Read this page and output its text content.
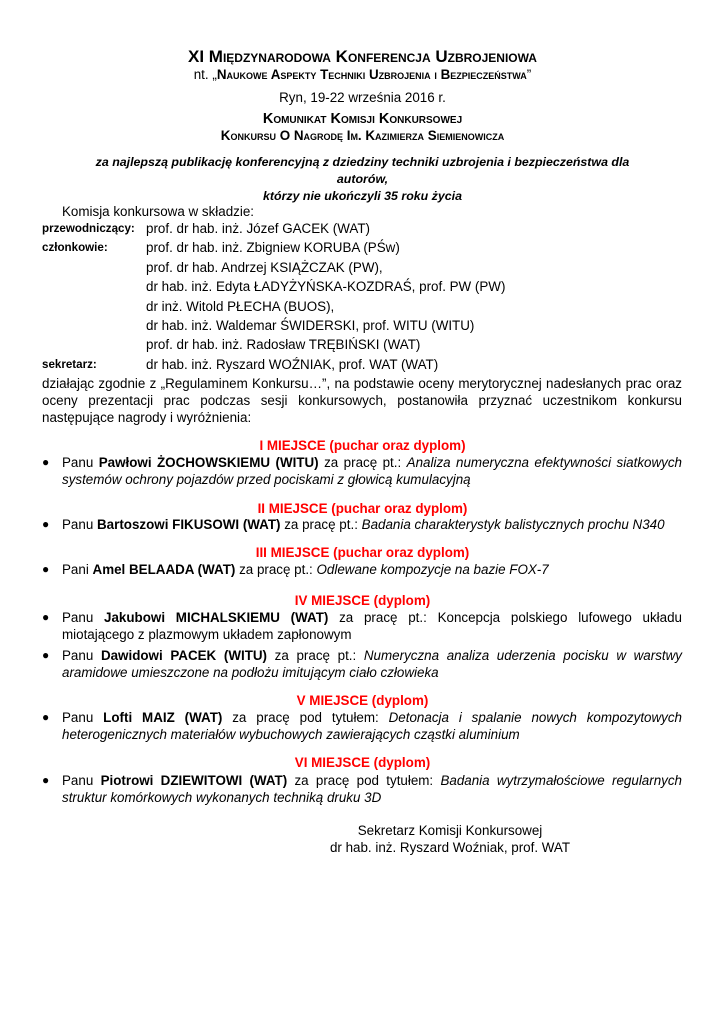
XI Międzynarodowa Konferencja Uzbrojeniowa
nt. „Naukowe Aspekty Techniki Uzbrojenia i Bezpieczeństwa”
Ryn, 19-22 września 2016 r.
Komunikat Komisji Konkursowej
Konkursu O Nagrodę Im. Kazimierza Siemienowicza
za najlepszą publikację konferencyjną z dziedziny techniki uzbrojenia i bezpieczeństwa dla autorów,
którzy nie ukończyli 35 roku życia
Komisja konkursowa w składzie:
przewodniczący: prof. dr hab. inż. Józef GACEK (WAT)
członkowie:	prof. dr hab. inż. Zbigniew KORUBA (PŚw)
prof. dr hab. Andrzej KSIĄŻCZAK (PW),
dr hab. inż. Edyta ŁADYŻYŃSKA-KOZDRAŚ, prof. PW (PW)
dr inż. Witold PŁECHA (BUOS),
dr hab. inż. Waldemar ŚWIDERSKI, prof. WITU (WITU)
prof. dr hab. inż. Radosław TRĘBIŃSKI (WAT)
sekretarz:	dr hab. inż. Ryszard WOŹNIAK, prof. WAT (WAT)
działając zgodnie z „Regulaminem Konkursu…”, na podstawie oceny merytorycznej nadesłanych prac oraz
oceny prezentacji prac podczas sesji konkursowych, postanowiła przyznać uczestnikom konkursu
następujące nagrody i wyróżnienia:
I MIEJSCE (puchar oraz dyplom)
● Panu Pawłowi ŻOCHOWSKIEMU (WITU) za pracę pt.: Analiza numeryczna efektywności siatkowych
systemów ochrony pojazdów przed pociskami z głowicą kumulacyjną
II MIEJSCE (puchar oraz dyplom)
● Panu Bartoszowi FIKUSOWI (WAT) za pracę pt.: Badania charakterystyk balistycznych prochu N340
III MIEJSCE (puchar oraz dyplom)
● Pani Amel BELAADA (WAT) za pracę pt.: Odlewane kompozycje na bazie FOX-7
IV MIEJSCE (dyplom)
● Panu Jakubowi MICHALSKIEMU (WAT) za pracę pt.: Koncepcja polskiego lufowego układu
miotającego z plazmowym układem zapłonowym
● Panu Dawidowi PACEK (WITU) za pracę pt.: Numeryczna analiza uderzenia pocisku w warstwy
aramidowe umieszczone na podłożu imitującym ciało człowieka
V MIEJSCE (dyplom)
● Panu Lofti MAIZ (WAT) za pracę pod tytułem: Detonacja i spalanie nowych kompozytowych
heterogenicznych materiałów wybuchowych zawierających cząstki aluminium
VI MIEJSCE (dyplom)
● Panu Piotrowi DZIEWITOWI (WAT) za pracę pod tytułem: Badania wytrzymałościowe regularnych
struktur komórkowych wykonanych techniką druku 3D
Sekretarz Komisji Konkursowej
dr hab. inż. Ryszard Woźniak, prof. WAT
